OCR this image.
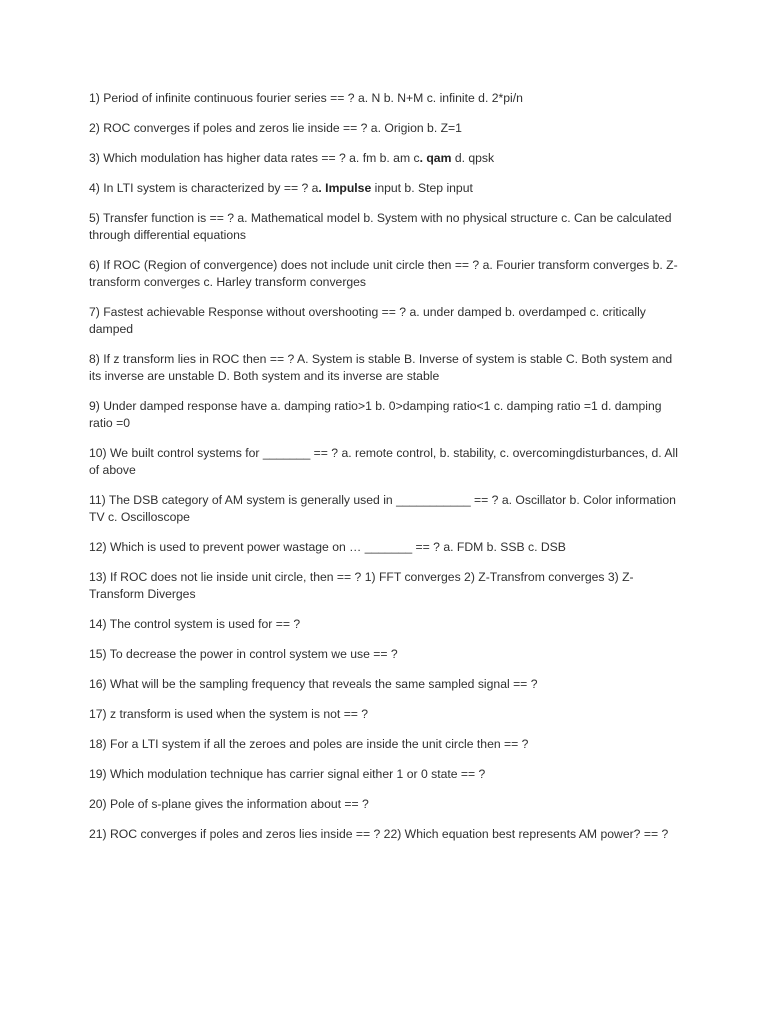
1) Period of infinite continuous fourier series == ? a. N b. N+M c. infinite d. 2*pi/n

2) ROC converges if poles and zeros lie inside == ? a. Origion b. Z=1

3) Which modulation has higher data rates == ? a. fm b. am c. qam d. qpsk

4) In LTI system is characterized by == ? a. Impulse input b. Step input

5) Transfer function is == ? a. Mathematical model b. System with no physical structure c. Can be calculated through differential equations

6) If ROC (Region of convergence) does not include unit circle then == ? a. Fourier transform converges b. Z-transform converges c. Harley transform converges

7) Fastest achievable Response without overshooting == ? a. under damped b. overdamped c. critically damped

8) If z transform lies in ROC then == ? A. System is stable B. Inverse of system is stable C. Both system and its inverse are unstable D. Both system and its inverse are stable

9) Under damped response have a. damping ratio>1 b. 0>damping ratio<1 c. damping ratio =1 d. damping ratio =0

10) We built control systems for _______ == ? a. remote control, b. stability, c. overcomingdisturbances, d. All of above

11) The DSB category of AM system is generally used in ___________ == ? a. Oscillator b. Color information TV c. Oscilloscope

12) Which is used to prevent power wastage on … _______ == ? a. FDM b. SSB c. DSB

13) If ROC does not lie inside unit circle, then == ? 1) FFT converges 2) Z-Transfrom converges 3) Z-Transform Diverges

14) The control system is used for == ?

15) To decrease the power in control system we use == ?

16) What will be the sampling frequency that reveals the same sampled signal == ?

17) z transform is used when the system is not == ?

18) For a LTI system if all the zeroes and poles are inside the unit circle then == ?

19) Which modulation technique has carrier signal either 1 or 0 state == ?

20) Pole of s-plane gives the information about == ?

21) ROC converges if poles and zeros lies inside == ? 22) Which equation best represents AM power? == ?
